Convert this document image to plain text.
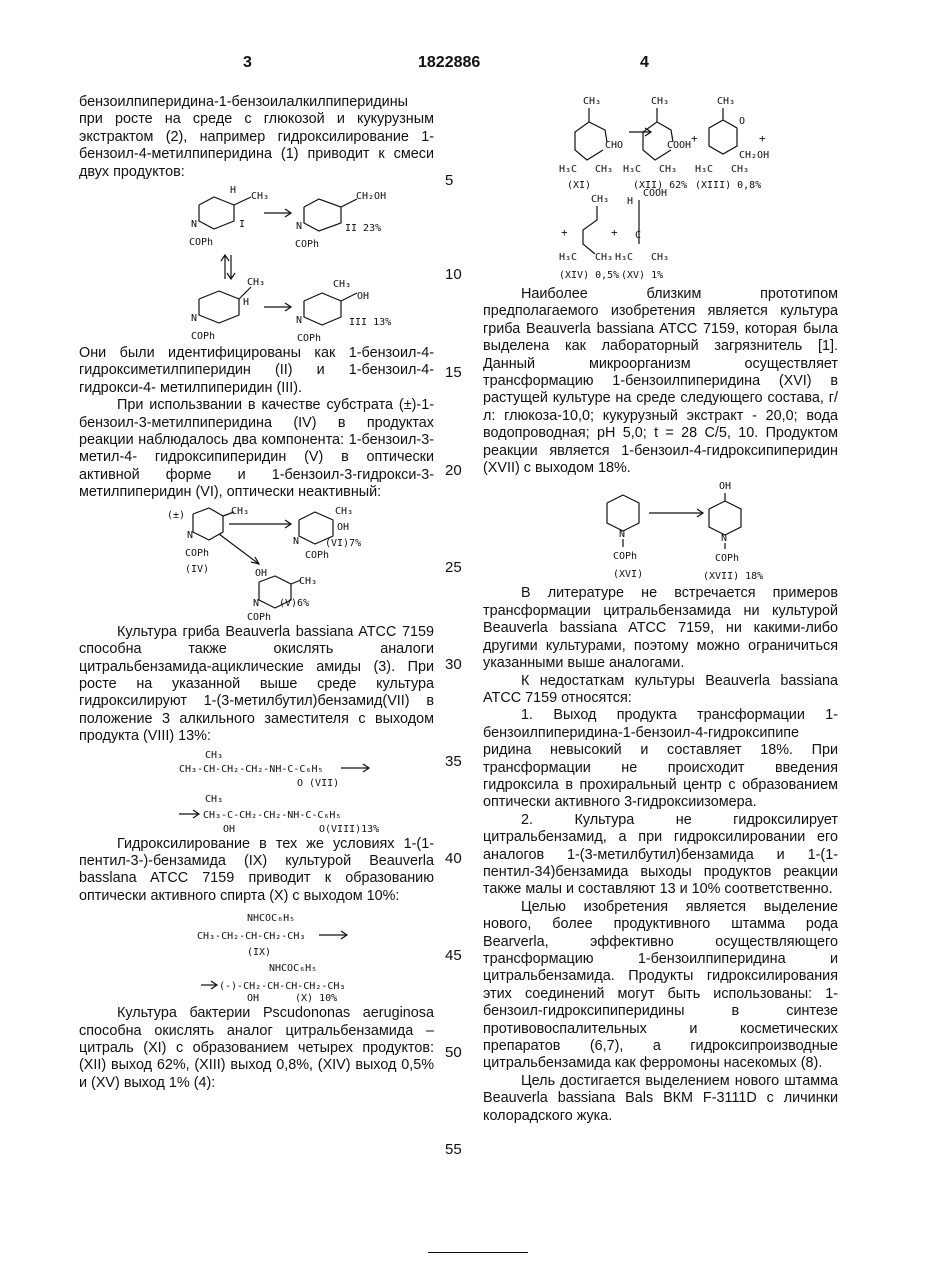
3	1822886	4
5
10
15
20
25
30
35
40
45
50
55

бензоилпиперидина-1-бензоилалкилпиперидины при росте на среде с глюкозой и кукурузным экстрактом (2), например гидроксилирование 1-бензоил-4-метилпиперидина (1) приводит к смеси двух продуктов:

CH₃
H
N
COPh
I
CH₂OH
N
COPh
II 23%
CH₃
H
N
COPh
CH₃
OH
N
COPh
III 13%

Они были идентифицированы как 1-бензоил-4-гидроксиметилпиперидин (II) и 1-бензоил-4-гидрокси-4- метилпиперидин (III).

При использвании в качестве субстрата (±)-1-бензоил-3-метилпиперидина (IV) в продуктах реакции наблюдалось два компонента: 1-бензоил-3-метил-4- гидроксипиперидин (V) в оптически активной форме и 1-бензоил-3-гидрокси-3-метилпиперидин (VI), оптически неактивный:

(±)	CH₃
N
COPh
(IV)
CH₃
OH
N
COPh
(VI)7%
OH
CH₃
N (V)6%
COPh

Культура гриба Beauverla bassiana ATCC 7159 способна также окислять аналоги цитральбензамида-ациклические амиды (3). При росте на указанной выше среде культура гидроксилируют 1-(3-метилбутил)бензамид(VII) в положение 3 алкильного заместителя с выходом продукта (VIII) 13%:

CH₃
CH₃-CH-CH₂-CH₂-NH-C-C₆H₅
O (VII)
CH₃
CH₃-C-CH₂-CH₂-NH-C-C₆H₅
OH	O(VIII)13%

Гидроксилирование в тех же условиях 1-(1-пентил-3-)-бензамида (IX) культурой Beauverla basslana ATCC 7159 приводит к образованию оптически активного спирта (X) с выходом 10%:

NHCOC₆H₅
CH₃-CH₂-CH-CH₂-CH₃
(IX)
NHCOC₆H₅
(-)-CH₂-CH-CH-CH₂-CH₃
OH	(X) 10%

Культура бактерии Pscudononas aeruginosa способна окислять аналог цитральбензамида – цитраль (XI) с образованием четырех продуктов: (XII) выход 62%, (XIII) выход 0,8%, (XIV) выход 0,5% и (XV) выход 1% (4):

CH₃
CHO
H₃C CH₃
(XI)
CH₃
COOH
H₃C CH₃
(XII) 62%
+
CH₃
O
CH₂OH
H₃C CH₃
(XIII) 0,8%
+
CH₃
+	+
H₃C CH₃
H
COOH
C
H₃C CH₃
(XIV) 0,5% (XV) 1%

Наиболее близким прототипом предполагаемого изобретения является культура гриба Beauverla bassiana ATCC 7159, которая была выделена как лабораторный загрязнитель [1]. Данный микроорганизм осуществляет трансформацию 1-бензоилпиперидина (XVI) в растущей культуре на среде следующего состава, г/л: глюкоза-10,0; кукурузный экстракт - 20,0; вода водопроводная; pH 5,0; t = 28 C/5, 10. Продуктом реакции является 1-бензоил-4-гидроксипиперидин (XVII) с выходом 18%.

N
COPh
(XVI)
OH
N
COPh
(XVII) 18%

В литературе не встречается примеров трансформации цитральбензамида ни культурой Beauverla bassiana ATCC 7159, ни какими-либо другими культурами, поэтому можно ограничиться указанными выше аналогами.

К недостаткам культуры Beauverla bassiana ATCC 7159 относятся:

1. Выход продукта трансформации 1-бензоилпиперидина-1-бензоил-4-гидроксипипе ридина невысокий и составляет 18%. При трансформации не происходит введения гидроксила в прохиральный центр с образованием оптически активного 3-гидроксиизомера.

2. Культура не гидроксилирует цитральбензамид, а при гидроксилировании его аналогов 1-(3-метилбутил)бензамида и 1-(1-пентил-34)бензамида выходы продуктов реакции также малы и составляют 13 и 10% соответственно.

Целью изобретения является выделение нового, более продуктивного штамма рода Bearverla, эффективно осуществляющего трансформацию 1-бензоилпиперидина и цитральбензамида. Продукты гидроксилирования этих соединений могут быть использованы: 1-бензоил-гидроксипиперидины в синтезе противовоспалительных и косметических препаратов (6,7), а гидроксипроизводные цитральбензамида как ферромоны насекомых (8).

Цель достигается выделением нового штамма Beauverla bassiana Bals ВКМ F-3111D с личинки колорадского жука.
